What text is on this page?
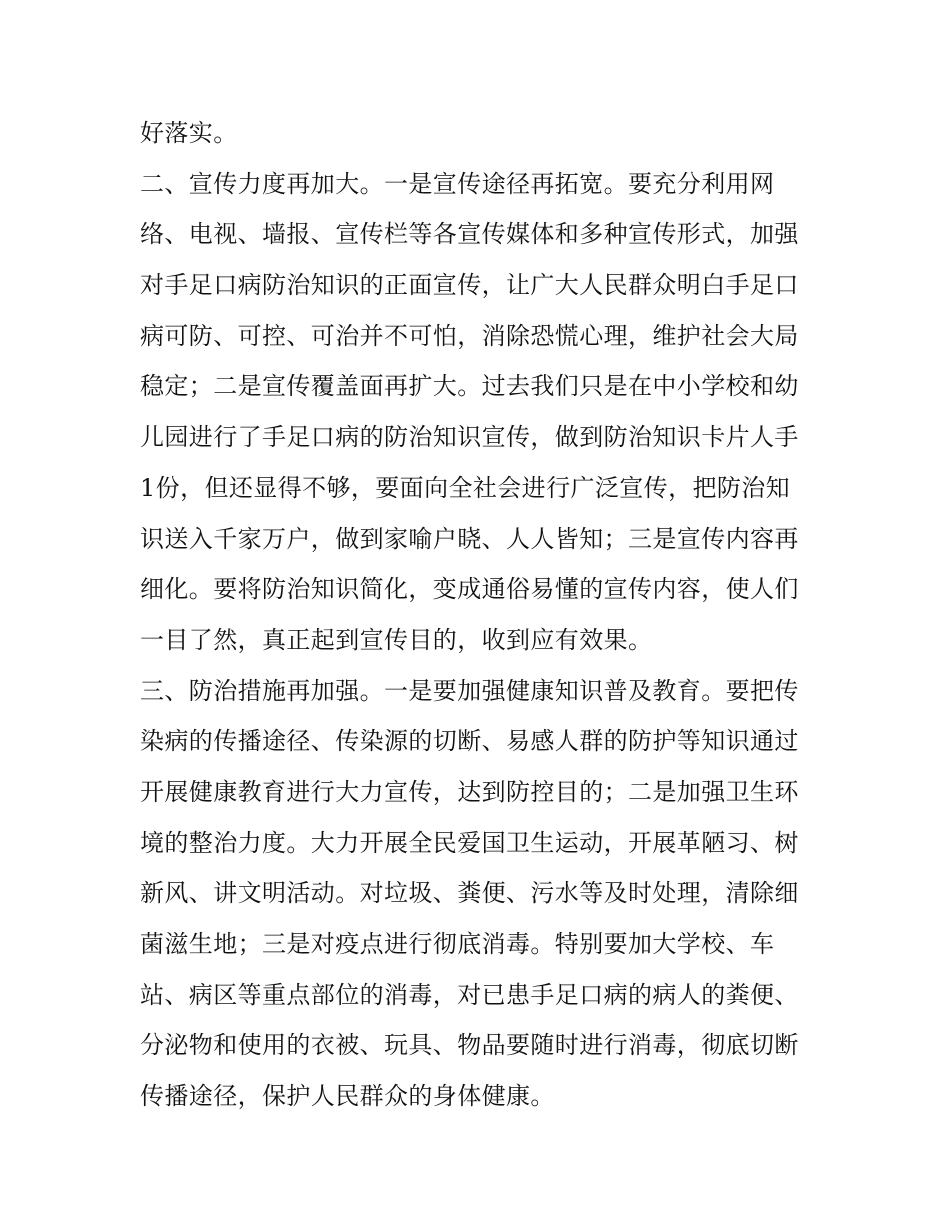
好落实。
二、宣传力度再加大。一是宣传途径再拓宽。要充分利用网
络、电视、墙报、宣传栏等各宣传媒体和多种宣传形式，加强
对手足口病防治知识的正面宣传，让广大人民群众明白手足口
病可防、可控、可治并不可怕，消除恐慌心理，维护社会大局
稳定；二是宣传覆盖面再扩大。过去我们只是在中小学校和幼
儿园进行了手足口病的防治知识宣传，做到防治知识卡片人手
1份，但还显得不够，要面向全社会进行广泛宣传，把防治知
识送入千家万户，做到家喻户晓、人人皆知；三是宣传内容再
细化。要将防治知识简化，变成通俗易懂的宣传内容，使人们
一目了然，真正起到宣传目的，收到应有效果。
三、防治措施再加强。一是要加强健康知识普及教育。要把传
染病的传播途径、传染源的切断、易感人群的防护等知识通过
开展健康教育进行大力宣传，达到防控目的；二是加强卫生环
境的整治力度。大力开展全民爱国卫生运动，开展革陋习、树
新风、讲文明活动。对垃圾、粪便、污水等及时处理，清除细
菌滋生地；三是对疫点进行彻底消毒。特别要加大学校、车
站、病区等重点部位的消毒，对已患手足口病的病人的粪便、
分泌物和使用的衣被、玩具、物品要随时进行消毒，彻底切断
传播途径，保护人民群众的身体健康。
